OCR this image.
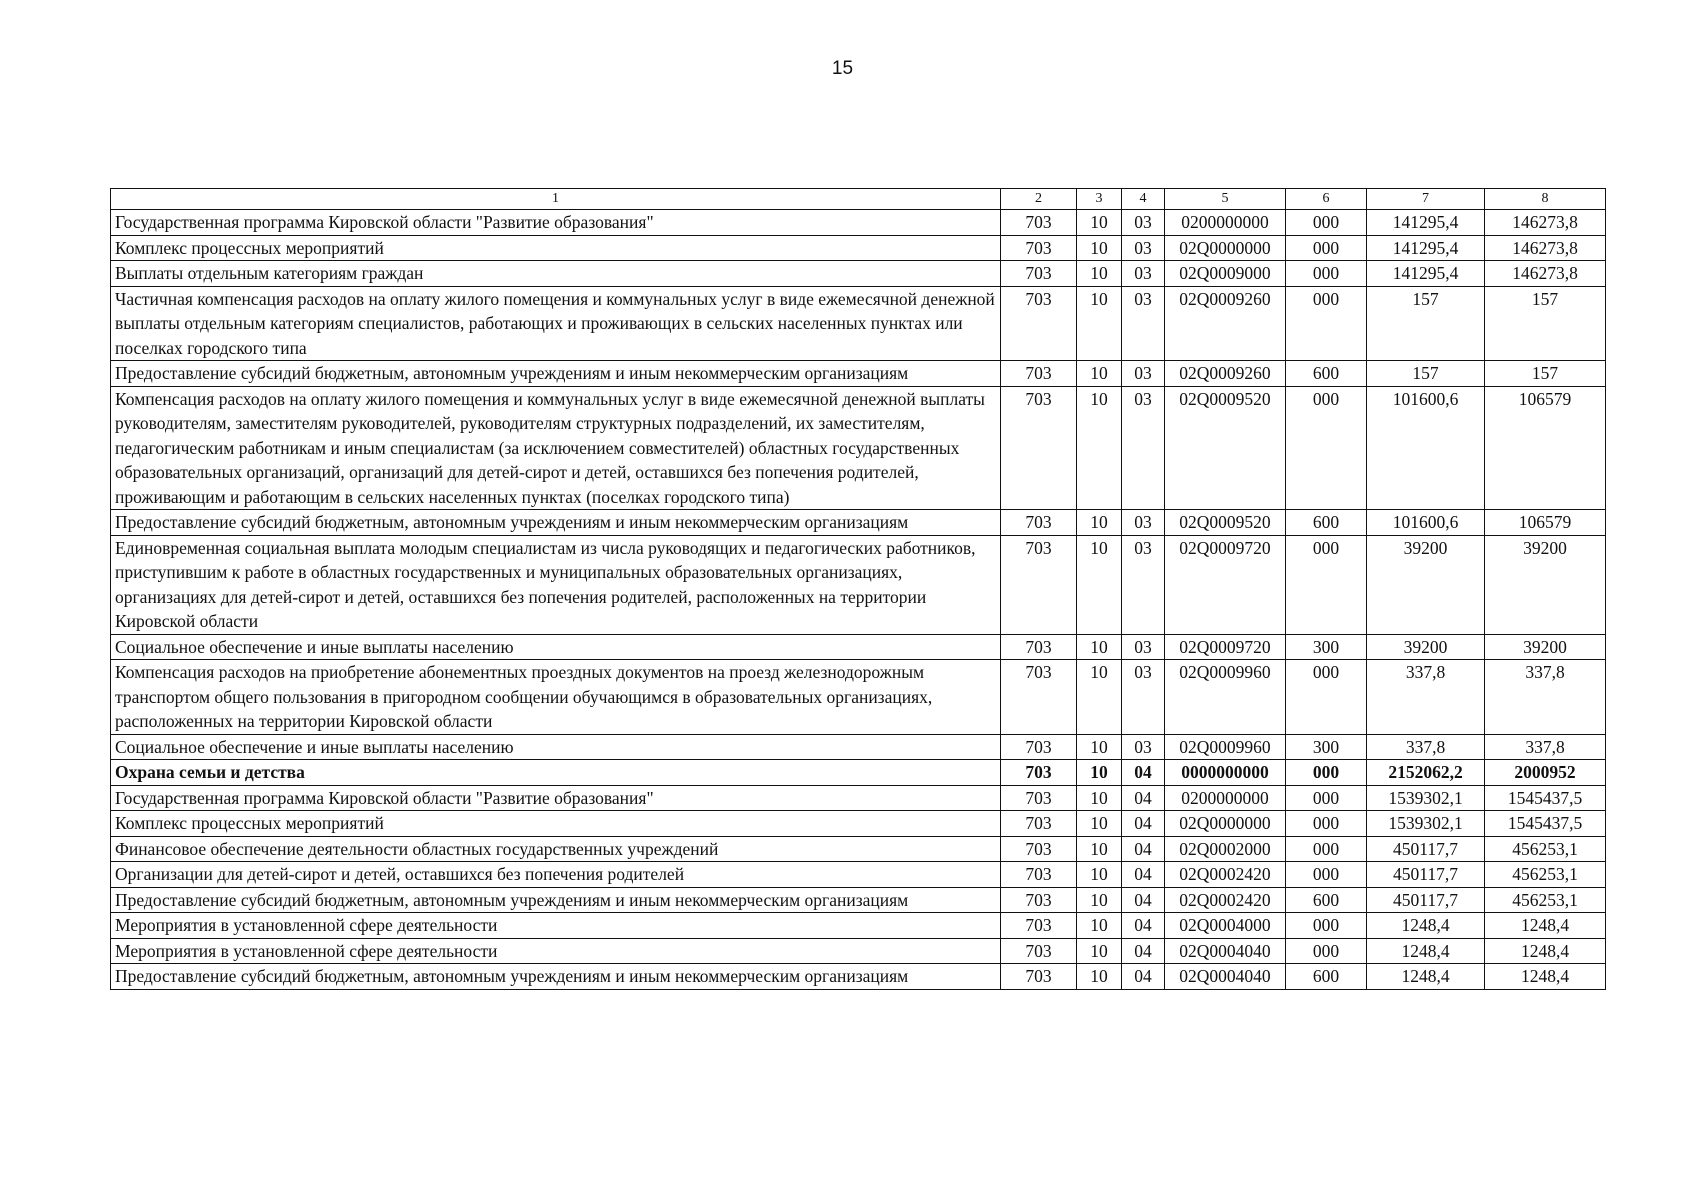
15
1	2	3	4	5	6	7	8
Государственная программа Кировской области "Развитие образования"	703	10	03	0200000000	000	141295,4	146273,8
Комплекс процессных мероприятий	703	10	03	02Q0000000	000	141295,4	146273,8
Выплаты отдельным категориям граждан	703	10	03	02Q0009000	000	141295,4	146273,8
Частичная компенсация расходов на оплату жилого помещения и коммунальных услуг в виде ежемесячной денежной выплаты отдельным категориям специалистов, работающих и проживающих в сельских населенных пунктах или поселках городского типа	703	10	03	02Q0009260	000	157	157
Предоставление субсидий бюджетным, автономным учреждениям и иным некоммерческим организациям	703	10	03	02Q0009260	600	157	157
Компенсация расходов на оплату жилого помещения и коммунальных услуг в виде ежемесячной денежной выплаты руководителям, заместителям руководителей, руководителям структурных подразделений, их заместителям, педагогическим работникам и иным специалистам (за исключением совместителей) областных государственных образовательных организаций, организаций для детей-сирот и детей, оставшихся без попечения родителей, проживающим и работающим в сельских населенных пунктах (поселках городского типа)	703	10	03	02Q0009520	000	101600,6	106579
Предоставление субсидий бюджетным, автономным учреждениям и иным некоммерческим организациям	703	10	03	02Q0009520	600	101600,6	106579
Единовременная социальная выплата молодым специалистам из числа руководящих и педагогических работников, приступившим к работе в областных государственных и муниципальных образовательных организациях, организациях для детей-сирот и детей, оставшихся без попечения родителей, расположенных на территории Кировской области	703	10	03	02Q0009720	000	39200	39200
Социальное обеспечение и иные выплаты населению	703	10	03	02Q0009720	300	39200	39200
Компенсация расходов на приобретение абонементных проездных документов на проезд железнодорожным транспортом общего пользования в пригородном сообщении обучающимся в образовательных организациях, расположенных на территории Кировской области	703	10	03	02Q0009960	000	337,8	337,8
Социальное обеспечение и иные выплаты населению	703	10	03	02Q0009960	300	337,8	337,8
Охрана семьи и детства	703	10	04	0000000000	000	2152062,2	2000952
Государственная программа Кировской области "Развитие образования"	703	10	04	0200000000	000	1539302,1	1545437,5
Комплекс процессных мероприятий	703	10	04	02Q0000000	000	1539302,1	1545437,5
Финансовое обеспечение деятельности областных государственных учреждений	703	10	04	02Q0002000	000	450117,7	456253,1
Организации для детей-сирот и детей, оставшихся без попечения родителей	703	10	04	02Q0002420	000	450117,7	456253,1
Предоставление субсидий бюджетным, автономным учреждениям и иным некоммерческим организациям	703	10	04	02Q0002420	600	450117,7	456253,1
Мероприятия в установленной сфере деятельности	703	10	04	02Q0004000	000	1248,4	1248,4
Мероприятия в установленной сфере деятельности	703	10	04	02Q0004040	000	1248,4	1248,4
Предоставление субсидий бюджетным, автономным учреждениям и иным некоммерческим организациям	703	10	04	02Q0004040	600	1248,4	1248,4
